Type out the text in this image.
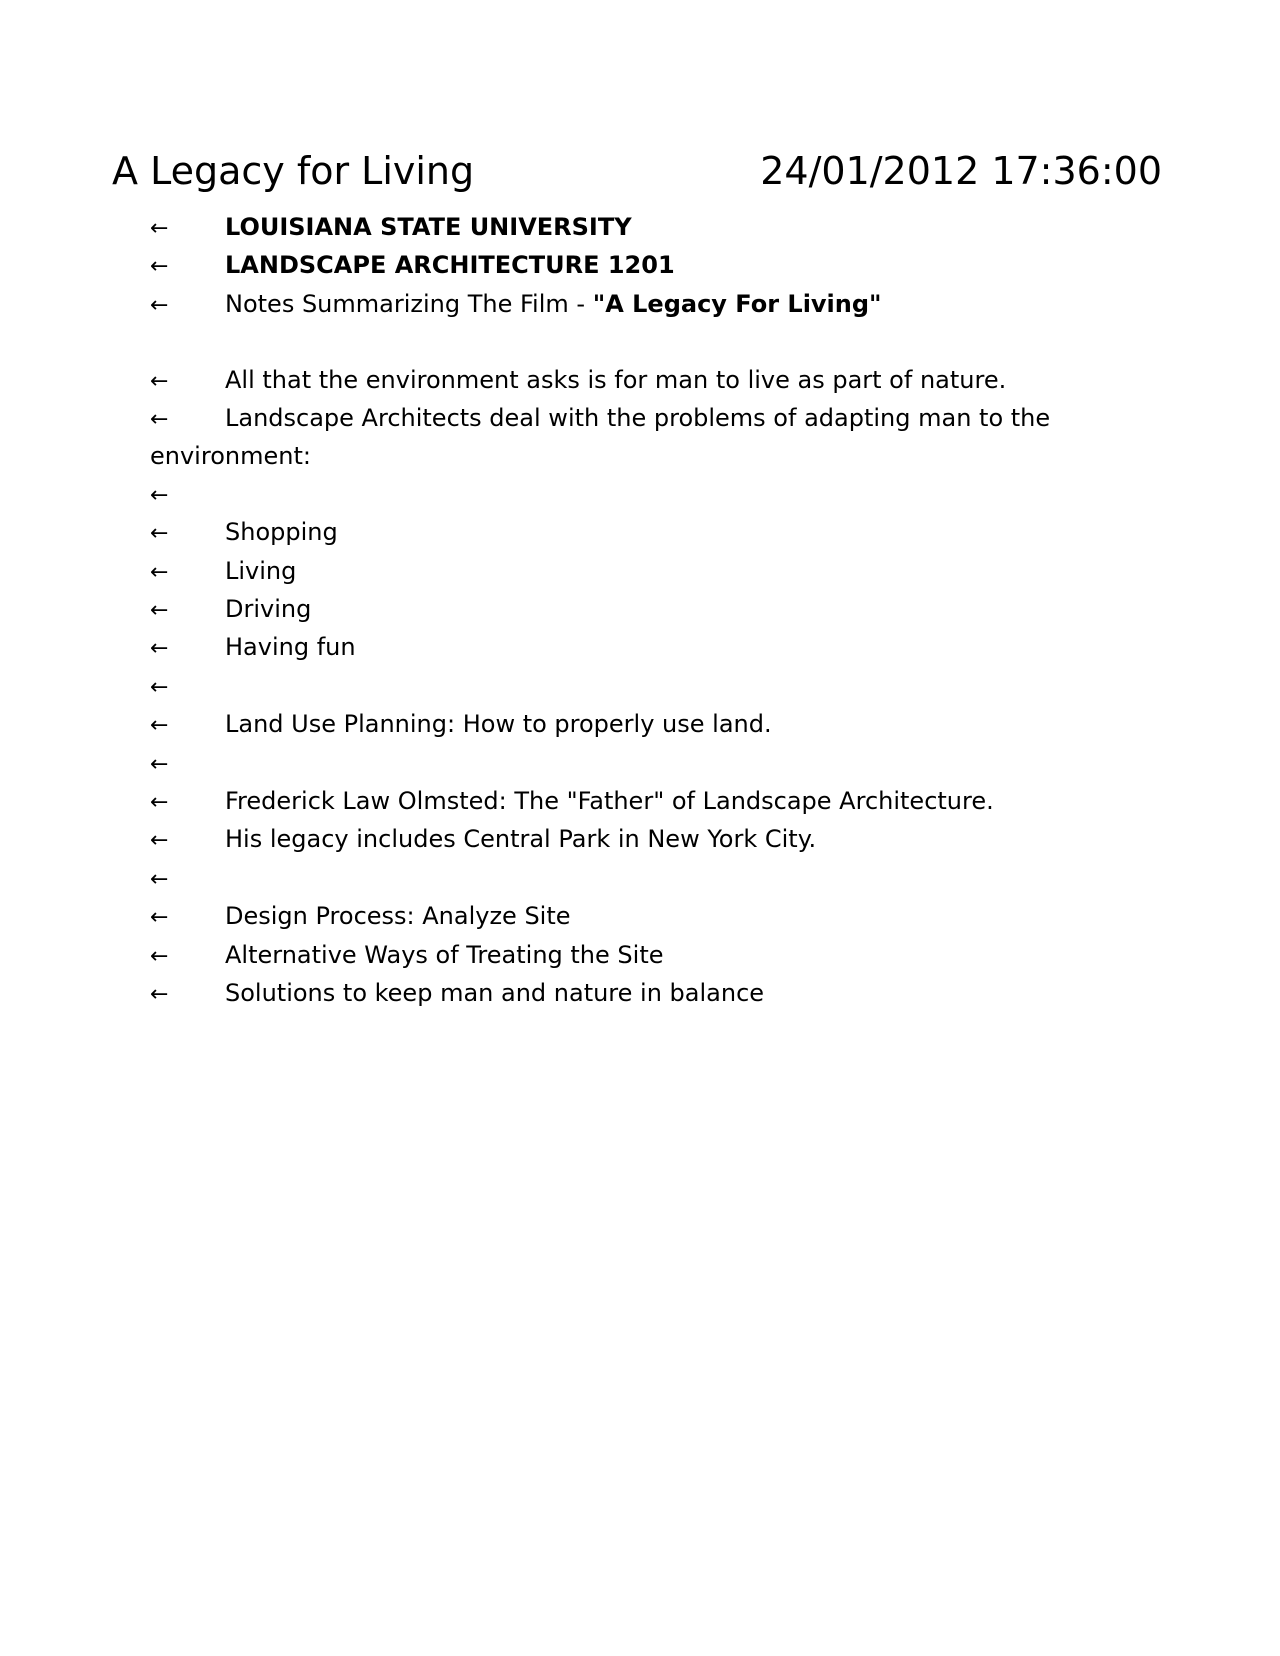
A Legacy for Living	24/01/2012 17:36:00
← LOUISIANA STATE UNIVERSITY
← LANDSCAPE ARCHITECTURE 1201
← Notes Summarizing The Film - "A Legacy For Living"
← All that the environment asks is for man to live as part of nature.
← Landscape Architects deal with the problems of adapting man to the environment:
←
← Shopping
← Living
← Driving
← Having fun
←
← Land Use Planning: How to properly use land.
←
← Frederick Law Olmsted: The "Father" of Landscape Architecture.
← His legacy includes Central Park in New York City.
←
← Design Process: Analyze Site
← Alternative Ways of Treating the Site
← Solutions to keep man and nature in balance
